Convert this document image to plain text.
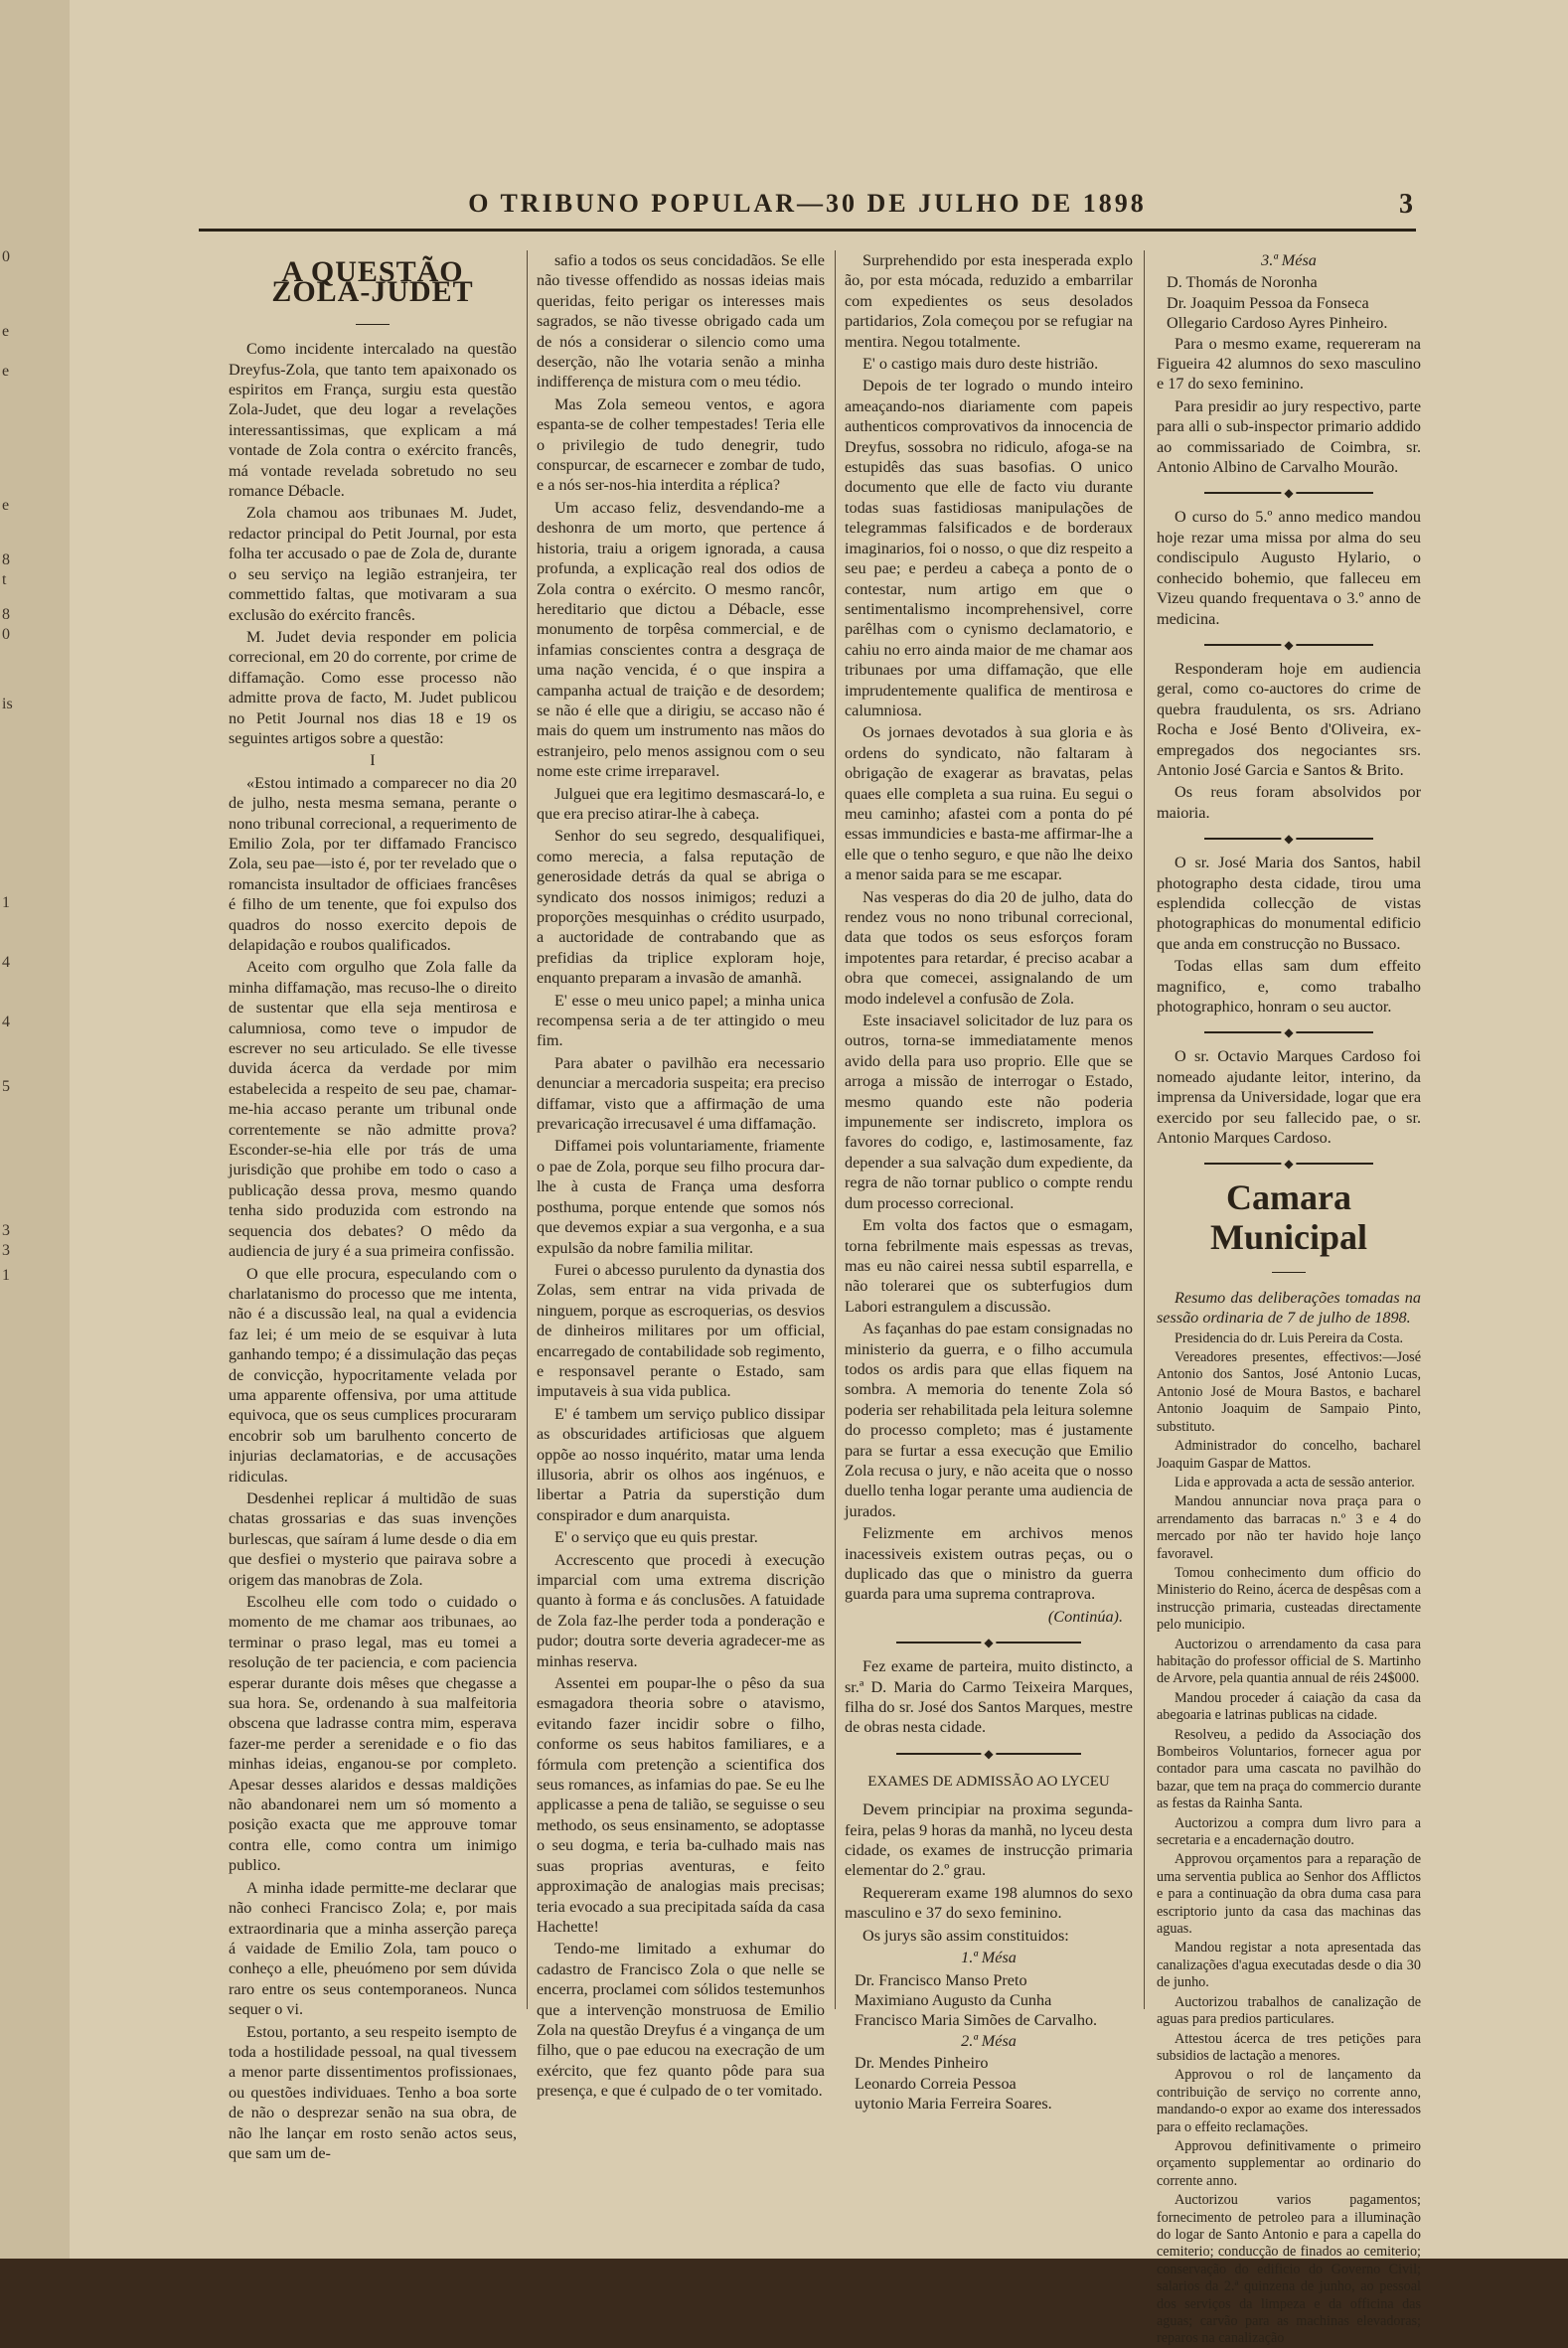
0
e
e
e
8
t
8
0
is
1
4
4
5
3
3
1
O TRIBUNO POPULAR—30 DE JULHO DE 1898	3
A QUESTÃO ZOLA-JUDET

Como incidente intercalado na questão Dreyfus-Zola, que tanto tem apaixonado os espiritos em França, surgiu esta questão Zola-Judet, que deu logar a revelações interessantissimas, que explicam a má vontade de Zola contra o exército francês, má vontade revelada sobretudo no seu romance Débacle.

Zola chamou aos tribunaes M. Judet, redactor principal do Petit Journal, por esta folha ter accusado o pae de Zola de, durante o seu serviço na legião estranjeira, ter commettido faltas, que motivaram a sua exclusão do exército francês.

M. Judet devia responder em policia correcional, em 20 do corrente, por crime de diffamação. Como esse processo não admitte prova de facto, M. Judet publicou no Petit Journal nos dias 18 e 19 os seguintes artigos sobre a questão:

I

«Estou intimado a comparecer no dia 20 de julho, nesta mesma semana, perante o nono tribunal correcional, a requerimento de Emilio Zola, por ter diffamado Francisco Zola, seu pae—isto é, por ter revelado que o romancista insultador de officiaes francêses é filho de um tenente, que foi expulso dos quadros do nosso exercito depois de delapidação e roubos qualificados.

Aceito com orgulho que Zola falle da minha diffamação, mas recuso-lhe o direito de sustentar que ella seja mentirosa e calumniosa, como teve o impudor de escrever no seu articulado. Se elle tivesse duvida ácerca da verdade por mim estabelecida a respeito de seu pae, chamar-me-hia accaso perante um tribunal onde correntemente se não admitte prova? Esconder-se-hia elle por trás de uma jurisdição que prohibe em todo o caso a publicação dessa prova, mesmo quando tenha sido produzida com estrondo na sequencia dos debates? O mêdo da audiencia de jury é a sua primeira confissão.

O que elle procura, especulando com o charlatanismo do processo que me intenta, não é a discussão leal, na qual a evidencia faz lei; é um meio de se esquivar à luta ganhando tempo; é a dissimulação das peças de convicção, hypocritamente velada por uma apparente offensiva, por uma attitude equivoca, que os seus cumplices procuraram encobrir sob um barulhento concerto de injurias declamatorias, e de accusações ridiculas.

Desdenhei replicar á multidão de suas chatas grossarias e das suas invenções burlescas, que saíram á lume desde o dia em que desfiei o mysterio que pairava sobre a origem das manobras de Zola.

Escolheu elle com todo o cuidado o momento de me chamar aos tribunaes, ao terminar o praso legal, mas eu tomei a resolução de ter paciencia, e com paciencia esperar durante dois mêses que chegasse a sua hora. Se, ordenando à sua malfeitoria obscena que ladrasse contra mim, esperava fazer-me perder a serenidade e o fio das minhas ideias, enganou-se por completo. Apesar desses alaridos e dessas maldições não abandonarei nem um só momento a posição exacta que me approuve tomar contra elle, como contra um inimigo publico.

A minha idade permitte-me declarar que não conheci Francisco Zola; e, por mais extraordinaria que a minha asserção pareça á vaidade de Emilio Zola, tam pouco o conheço a elle, pheuómeno por sem dúvida raro entre os seus contemporaneos. Nunca sequer o vi.

Estou, portanto, a seu respeito isempto de toda a hostilidade pessoal, na qual tivessem a menor parte dissentimentos profissionaes, ou questões individuaes. Tenho a boa sorte de não o desprezar senão na sua obra, de não lhe lançar em rosto senão actos seus, que sam um de-

safio a todos os seus concidadãos. Se elle não tivesse offendido as nossas ideias mais queridas, feito perigar os interesses mais sagrados, se não tivesse obrigado cada um de nós a considerar o silencio como uma deserção, não lhe votaria senão a minha indifferença de mistura com o meu tédio.

Mas Zola semeou ventos, e agora espanta-se de colher tempestades! Teria elle o privilegio de tudo denegrir, tudo conspurcar, de escarnecer e zombar de tudo, e a nós ser-nos-hia interdita a réplica?

Um accaso feliz, desvendando-me a deshonra de um morto, que pertence á historia, traiu a origem ignorada, a causa profunda, a explicação real dos odios de Zola contra o exército. O mesmo rancôr, hereditario que dictou a Débacle, esse monumento de torpêsa commercial, e de infamias conscientes contra a desgraça de uma nação vencida, é o que inspira a campanha actual de traição e de desordem; se não é elle que a dirigiu, se accaso não é mais do quem um instrumento nas mãos do estranjeiro, pelo menos assignou com o seu nome este crime irreparavel.

Julguei que era legitimo desmascará-lo, e que era preciso atirar-lhe à cabeça.

Senhor do seu segredo, desqualifiquei, como merecia, a falsa reputação de generosidade detrás da qual se abriga o syndicato dos nossos inimigos; reduzi a proporções mesquinhas o crédito usurpado, a auctoridade de contrabando que as prefidias da triplice exploram hoje, enquanto preparam a invasão de amanhã.

E' esse o meu unico papel; a minha unica recompensa seria a de ter attingido o meu fim.

Para abater o pavilhão era necessario denunciar a mercadoria suspeita; era preciso diffamar, visto que a affirmação de uma prevaricação irrecusavel é uma diffamação.

Diffamei pois voluntariamente, friamente o pae de Zola, porque seu filho procura dar-lhe à custa de França uma desforra posthuma, porque entende que somos nós que devemos expiar a sua vergonha, e a sua expulsão da nobre familia militar.

Furei o abcesso purulento da dynastia dos Zolas, sem entrar na vida privada de ninguem, porque as escroquerias, os desvios de dinheiros militares por um official, encarregado de contabilidade sob regimento, e responsavel perante o Estado, sam imputaveis à sua vida publica.

E' é tambem um serviço publico dissipar as obscuridades artificiosas que alguem oppõe ao nosso inquérito, matar uma lenda illusoria, abrir os olhos aos ingénuos, e libertar a Patria da superstição dum conspirador e dum anarquista.

E' o serviço que eu quis prestar.

Accrescento que procedi à execução imparcial com uma extrema discrição quanto à forma e ás conclusões. A fatuidade de Zola faz-lhe perder toda a ponderação e pudor; doutra sorte deveria agradecer-me as minhas reserva.

Assentei em poupar-lhe o pêso da sua esmagadora theoria sobre o atavismo, evitando fazer incidir sobre o filho, conforme os seus habitos familiares, e a fórmula com pretenção a scientifica dos seus romances, as infamias do pae. Se eu lhe applicasse a pena de talião, se seguisse o seu methodo, os seus ensinamento, se adoptasse o seu dogma, e teria ba-culhado mais nas suas proprias aventuras, e feito approximação de analogias mais precisas; teria evocado a sua precipitada saída da casa Hachette!

Tendo-me limitado a exhumar do cadastro de Francisco Zola o que nelle se encerra, proclamei com sólidos testemunhos que a intervenção monstruosa de Emilio Zola na questão Dreyfus é a vingança de um filho, que o pae educou na execração de um exército, que fez quanto pôde para sua presença, e que é culpado de o ter vomitado.

Surprehendido por esta inesperada explo ão, por esta mócada, reduzido a embarrilar com expedientes os seus desolados partidarios, Zola começou por se refugiar na mentira. Negou totalmente.

E' o castigo mais duro deste histrião.

Depois de ter logrado o mundo inteiro ameaçando-nos diariamente com papeis authenticos comprovativos da innocencia de Dreyfus, sossobra no ridiculo, afoga-se na estupidês das suas basofias. O unico documento que elle de facto viu durante todas suas fastidiosas manipulações de telegrammas falsificados e de borderaux imaginarios, foi o nosso, o que diz respeito a seu pae; e perdeu a cabeça a ponto de o contestar, num artigo em que o sentimentalismo incomprehensivel, corre parêlhas com o cynismo declamatorio, e cahiu no erro ainda maior de me chamar aos tribunaes por uma diffamação, que elle imprudentemente qualifica de mentirosa e calumniosa.

Os jornaes devotados à sua gloria e às ordens do syndicato, não faltaram à obrigação de exagerar as bravatas, pelas quaes elle completa a sua ruina. Eu segui o meu caminho; afastei com a ponta do pé essas immundicies e basta-me affirmar-lhe a elle que o tenho seguro, e que não lhe deixo a menor saida para se me escapar.

Nas vesperas do dia 20 de julho, data do rendez vous no nono tribunal correcional, data que todos os seus esforços foram impotentes para retardar, é preciso acabar a obra que comecei, assignalando de um modo indelevel a confusão de Zola.

Este insaciavel solicitador de luz para os outros, torna-se immediatamente menos avido della para uso proprio. Elle que se arroga a missão de interrogar o Estado, mesmo quando este não poderia impunemente ser indiscreto, implora os favores do codigo, e, lastimosamente, faz depender a sua salvação dum expediente, da regra de não tornar publico o compte rendu dum processo correcional.

Em volta dos factos que o esmagam, torna febrilmente mais espessas as trevas, mas eu não cairei nessa subtil esparrella, e não tolerarei que os subterfugios dum Labori estrangulem a discussão.

As façanhas do pae estam consignadas no ministerio da guerra, e o filho accumula todos os ardis para que ellas fiquem na sombra. A memoria do tenente Zola só poderia ser rehabilitada pela leitura solemne do processo completo; mas é justamente para se furtar a essa execução que Emilio Zola recusa o jury, e não aceita que o nosso duello tenha logar perante uma audiencia de jurados.

Felizmente em archivos menos inacessiveis existem outras peças, ou o duplicado das que o ministro da guerra guarda para uma suprema contraprova.

(Continúa).

◆

Fez exame de parteira, muito distincto, a sr.ª D. Maria do Carmo Teixeira Marques, filha do sr. José dos Santos Marques, mestre de obras nesta cidade.

◆
EXAMES DE ADMISSÃO AO LYCEU

Devem principiar na proxima segunda-feira, pelas 9 horas da manhã, no lyceu desta cidade, os exames de instrucção primaria elementar do 2.º grau.

Requereram exame 198 alumnos do sexo masculino e 37 do sexo feminino.

Os jurys são assim constituidos:

1.ª Mésa

Dr. Francisco Manso Preto
Maximiano Augusto da Cunha
Francisco Maria Simões de Carvalho.

2.ª Mésa

Dr. Mendes Pinheiro
Leonardo Correia Pessoa
uytonio Maria Ferreira Soares.

3.ª Mésa

D. Thomás de Noronha
Dr. Joaquim Pessoa da Fonseca
Ollegario Cardoso Ayres Pinheiro.

Para o mesmo exame, requereram na Figueira 42 alumnos do sexo masculino e 17 do sexo feminino.

Para presidir ao jury respectivo, parte para alli o sub-inspector primario addido ao commissariado de Coimbra, sr. Antonio Albino de Carvalho Mourão.

◆

O curso do 5.º anno medico mandou hoje rezar uma missa por alma do seu condiscipulo Augusto Hylario, o conhecido bohemio, que falleceu em Vizeu quando frequentava o 3.º anno de medicina.

◆

Responderam hoje em audiencia geral, como co-auctores do crime de quebra fraudulenta, os srs. Adriano Rocha e José Bento d'Oliveira, ex-empregados dos negociantes srs. Antonio José Garcia e Santos & Brito.

Os reus foram absolvidos por maioria.

◆

O sr. José Maria dos Santos, habil photographo desta cidade, tirou uma esplendida collecção de vistas photographicas do monumental edificio que anda em construcção no Bussaco.

Todas ellas sam dum effeito magnifico, e, como trabalho photographico, honram o seu auctor.

◆

O sr. Octavio Marques Cardoso foi nomeado ajudante leitor, interino, da imprensa da Universidade, logar que era exercido por seu fallecido pae, o sr. Antonio Marques Cardoso.

◆
Camara Municipal

Resumo das deliberações tomadas na sessão ordinaria de 7 de julho de 1898.

Presidencia do dr. Luis Pereira da Costa.

Vereadores presentes, effectivos:—José Antonio dos Santos, José Antonio Lucas, Antonio José de Moura Bastos, e bacharel Antonio Joaquim de Sampaio Pinto, substituto.

Administrador do concelho, bacharel Joaquim Gaspar de Mattos.

Lida e approvada a acta de sessão anterior.

Mandou annunciar nova praça para o arrendamento das barracas n.º 3 e 4 do mercado por não ter havido hoje lanço favoravel.

Tomou conhecimento dum officio do Ministerio do Reino, ácerca de despêsas com a instrucção primaria, custeadas directamente pelo municipio.

Auctorizou o arrendamento da casa para habitação do professor official de S. Martinho de Arvore, pela quantia annual de réis 24$000.

Mandou proceder á caiação da casa da abegoaria e latrinas publicas na cidade.

Resolveu, a pedido da Associação dos Bombeiros Voluntarios, fornecer agua por contador para uma cascata no pavilhão do bazar, que tem na praça do commercio durante as festas da Rainha Santa.

Auctorizou a compra dum livro para a secretaria e a encadernação doutro.

Approvou orçamentos para a reparação de uma serventia publica ao Senhor dos Afflictos e para a continuação da obra duma casa para escriptorio junto da casa das machinas das aguas.

Mandou registar a nota apresentada das canalizações d'agua executadas desde o dia 30 de junho.

Auctorizou trabalhos de canalização de aguas para predios particulares.

Attestou ácerca de tres petições para subsidios de lactação a menores.

Approvou o rol de lançamento da contribuição de serviço no corrente anno, mandando-o expor ao exame dos interessados para o effeito reclamações.

Approvou definitivamente o primeiro orçamento supplementar ao ordinario do corrente anno.

Auctorizou varios pagamentos; fornecimento de petroleo para a illuminação do logar de Santo Antonio e para a capella do cemiterio; conducção de finados ao cemiterio; conservação do edificio do Governo Civil; salarios da 2.ª quinzena de junho, ao pessoal dos serviços da limpeza e da officina das aguas; carvão para as machinas elevadoras; reparos na canalização
